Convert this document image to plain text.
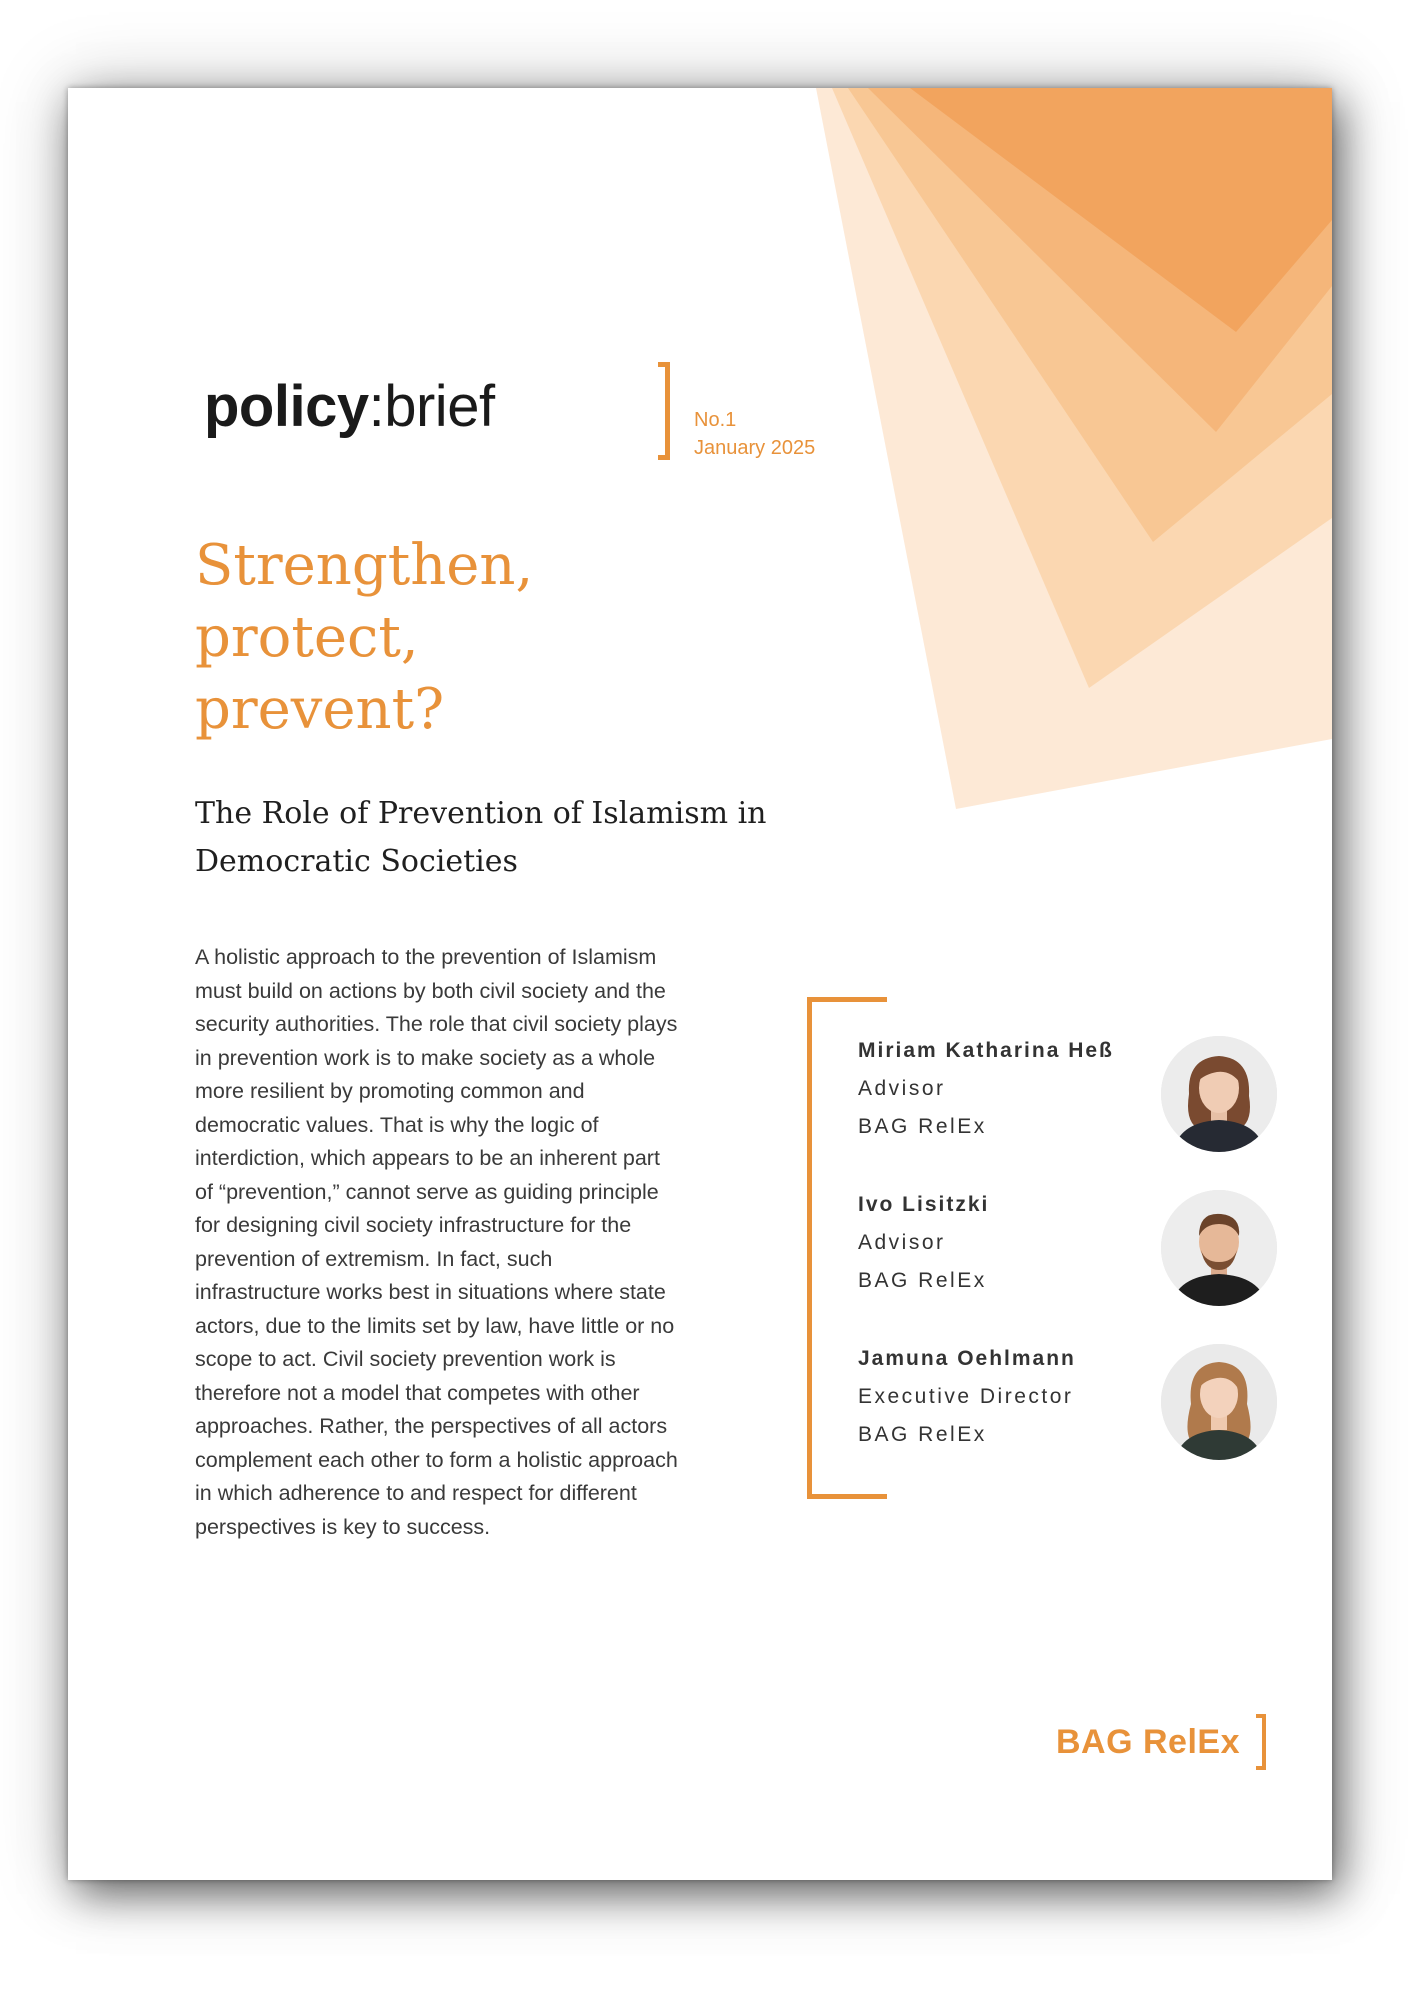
policy:brief	No.1
January 2025
Strengthen,
protect,
prevent?
The Role of Prevention of Islamism in
Democratic Societies
A holistic approach to the prevention of Islamism
must build on actions by both civil society and the
security authorities. The role that civil society plays
in prevention work is to make society as a whole
more resilient by promoting common and
democratic values. That is why the logic of
interdiction, which appears to be an inherent part
of “prevention,” cannot serve as guiding principle
for designing civil society infrastructure for the
prevention of extremism. In fact, such
infrastructure works best in situations where state
actors, due to the limits set by law, have little or no
scope to act. Civil society prevention work is
therefore not a model that competes with other
approaches. Rather, the perspectives of all actors
complement each other to form a holistic approach
in which adherence to and respect for different
perspectives is key to success.
Miriam Katharina Heß
Advisor
BAG RelEx
Ivo Lisitzki
Advisor
BAG RelEx
Jamuna Oehlmann
Executive Director
BAG RelEx
BAG RelEx
